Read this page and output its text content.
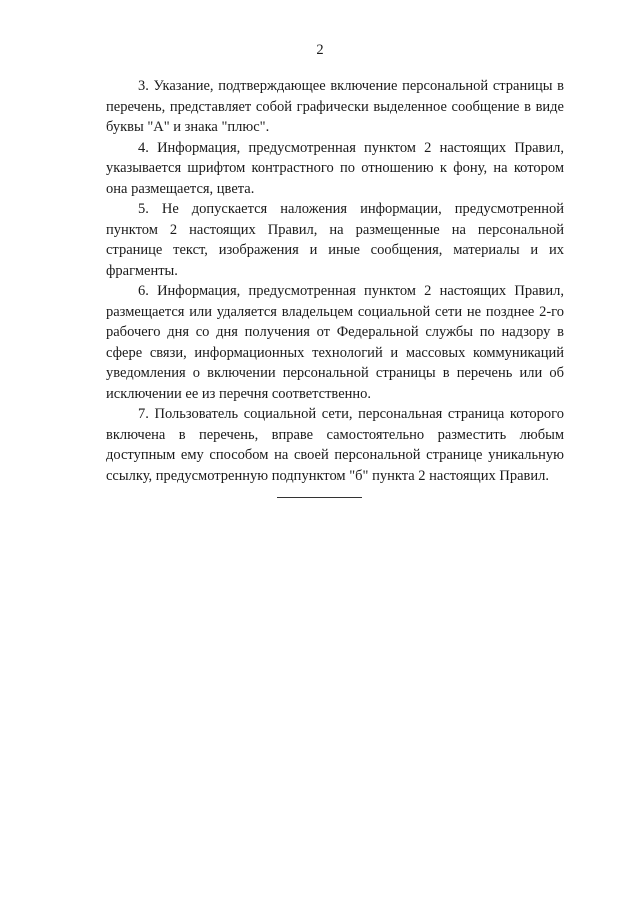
2

3. Указание, подтверждающее включение персональной страницы в перечень, представляет собой графически выделенное сообщение в виде буквы "А" и знака "плюс".

4. Информация, предусмотренная пунктом 2 настоящих Правил, указывается шрифтом контрастного по отношению к фону, на котором она размещается, цвета.

5. Не допускается наложения информации, предусмотренной пунктом 2 настоящих Правил, на размещенные на персональной странице текст, изображения и иные сообщения, материалы и их фрагменты.

6. Информация, предусмотренная пунктом 2 настоящих Правил, размещается или удаляется владельцем социальной сети не позднее 2-го рабочего дня со дня получения от Федеральной службы по надзору в сфере связи, информационных технологий и массовых коммуникаций уведомления о включении персональной страницы в перечень или об исключении ее из перечня соответственно.

7. Пользователь социальной сети, персональная страница которого включена в перечень, вправе самостоятельно разместить любым доступным ему способом на своей персональной странице уникальную ссылку, предусмотренную подпунктом "б" пункта 2 настоящих Правил.
